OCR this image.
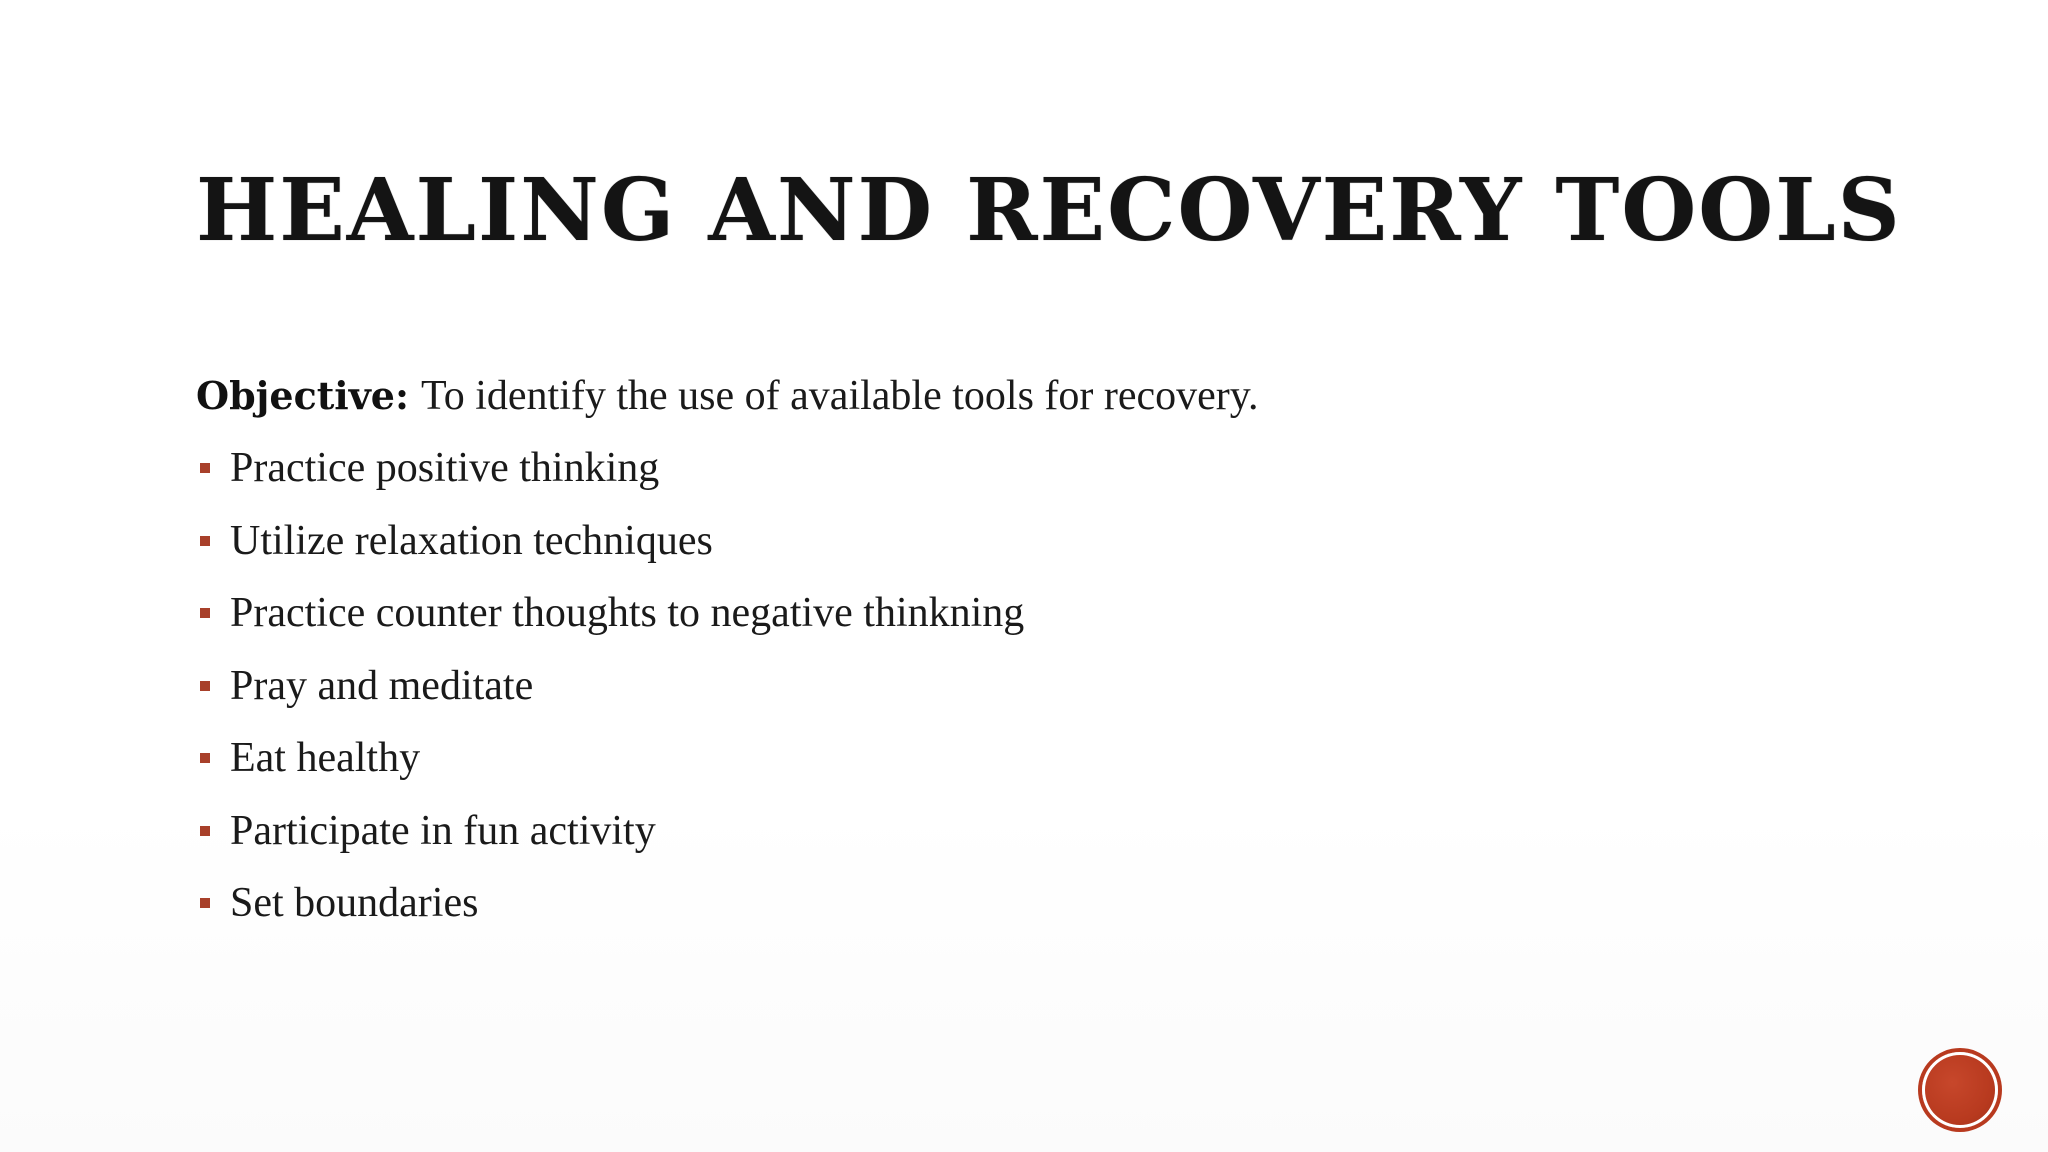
HEALING AND RECOVERY TOOLS
Objective: To identify the use of available tools for recovery.
Practice positive thinking
Utilize relaxation techniques
Practice counter thoughts to negative thinkning
Pray and meditate
Eat healthy
Participate in fun activity
Set boundaries
